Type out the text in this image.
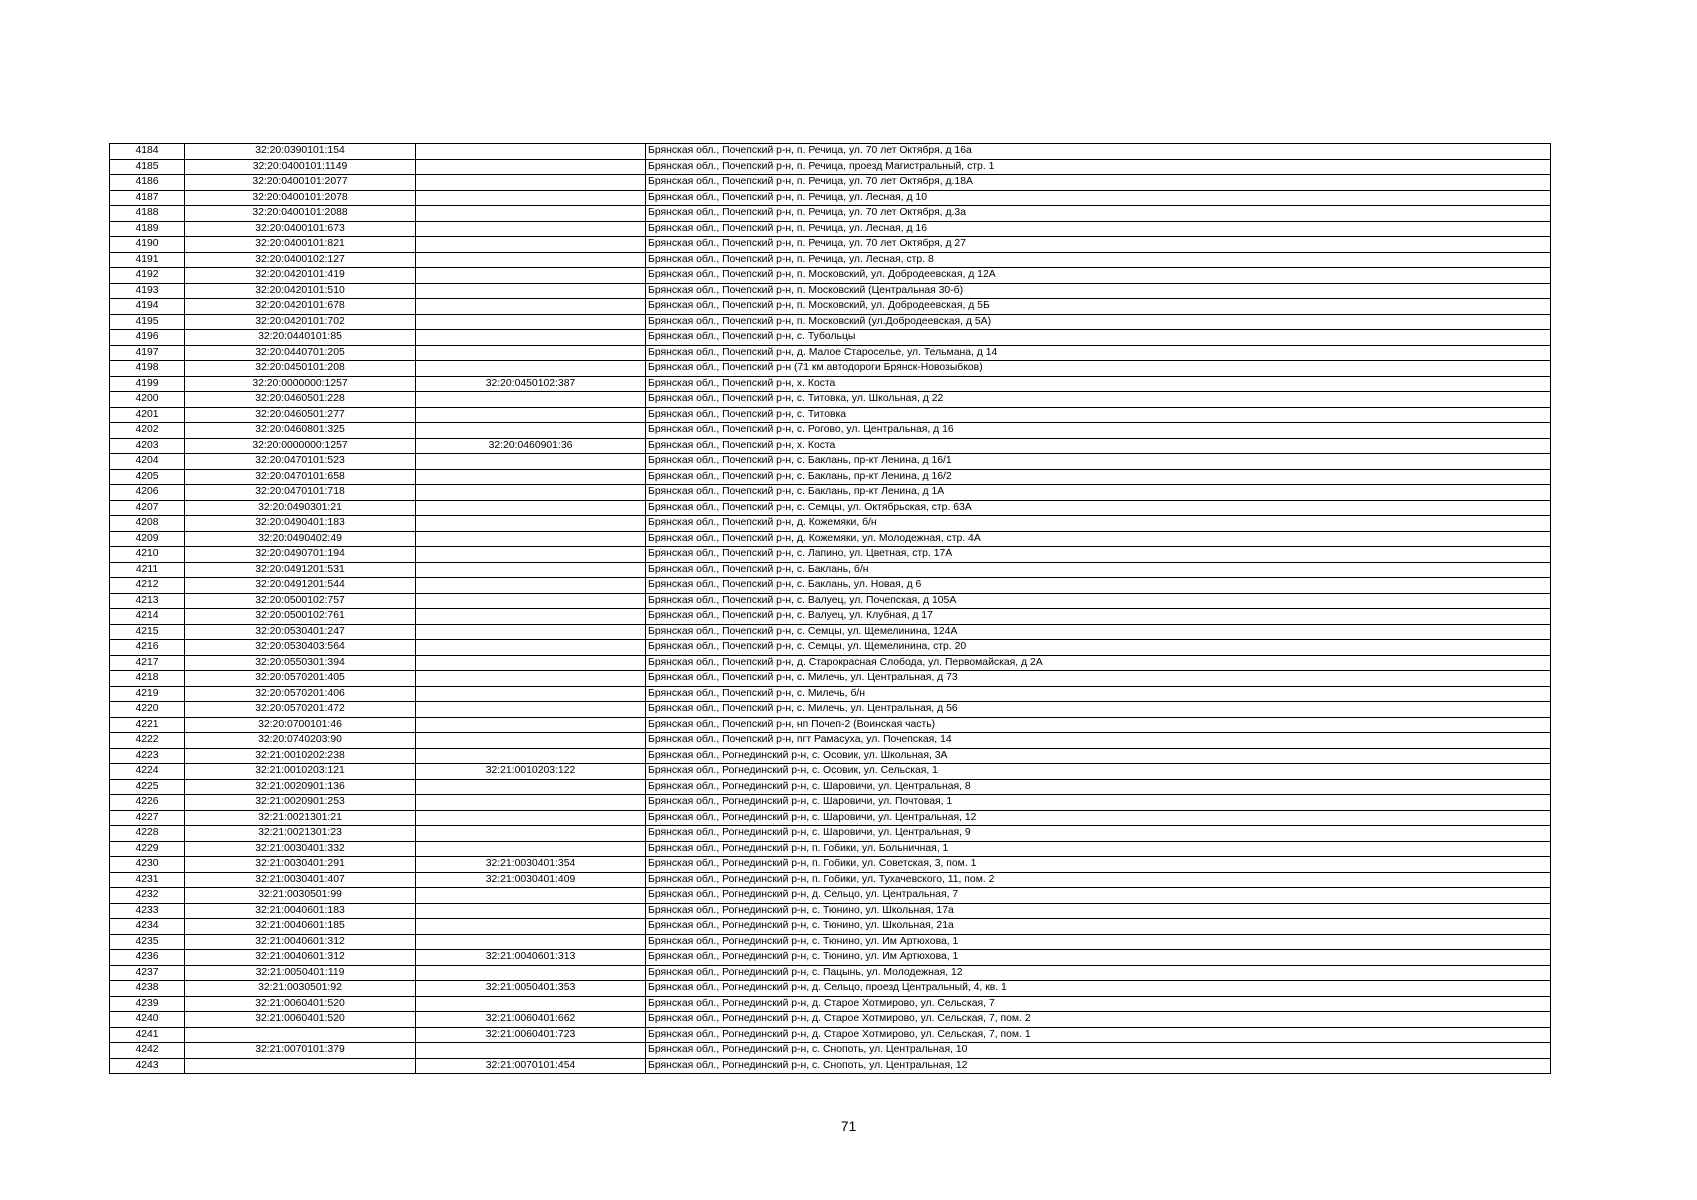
4184	32:20:0390101:154		Брянская обл., Почепский р-н, п. Речица, ул. 70 лет Октября, д 16а
4185	32:20:0400101:1149		Брянская обл., Почепский р-н, п. Речица, проезд Магистральный, стр. 1
4186	32:20:0400101:2077		Брянская обл., Почепский р-н, п. Речица, ул. 70 лет Октября, д.18А
4187	32:20:0400101:2078		Брянская обл., Почепский р-н, п. Речица, ул. Лесная, д 10
4188	32:20:0400101:2088		Брянская обл., Почепский р-н, п. Речица, ул. 70 лет Октября, д.3а
4189	32:20:0400101:673		Брянская обл., Почепский р-н, п. Речица, ул. Лесная, д 16
4190	32:20:0400101:821		Брянская обл., Почепский р-н, п. Речица, ул. 70 лет Октября, д 27
4191	32:20:0400102:127		Брянская обл., Почепский р-н, п. Речица, ул. Лесная, стр. 8
4192	32:20:0420101:419		Брянская обл., Почепский р-н, п. Московский, ул. Добродеевская, д 12А
4193	32:20:0420101:510		Брянская обл., Почепский р-н, п. Московский (Центральная 30-б)
4194	32:20:0420101:678		Брянская обл., Почепский р-н, п. Московский, ул. Добродеевская, д 5Б
4195	32:20:0420101:702		Брянская обл., Почепский р-н, п. Московский (ул.Добродеевская, д 5А)
4196	32:20:0440101:85		Брянская обл., Почепский р-н, с. Тубольцы
4197	32:20:0440701:205		Брянская обл., Почепский р-н, д. Малое Староселье, ул. Тельмана, д 14
4198	32:20:0450101:208		Брянская обл., Почепский р-н (71 км автодороги Брянск-Новозыбков)
4199	32:20:0000000:1257	32:20:0450102:387	Брянская обл., Почепский р-н, х. Коста
4200	32:20:0460501:228		Брянская обл., Почепский р-н, с. Титовка, ул. Школьная, д 22
4201	32:20:0460501:277		Брянская обл., Почепский р-н, с. Титовка
4202	32:20:0460801:325		Брянская обл., Почепский р-н, с. Рогово, ул. Центральная, д 16
4203	32:20:0000000:1257	32:20:0460901:36	Брянская обл., Почепский р-н, х. Коста
4204	32:20:0470101:523		Брянская обл., Почепский р-н, с. Баклань, пр-кт Ленина, д 16/1
4205	32:20:0470101:658		Брянская обл., Почепский р-н, с. Баклань, пр-кт Ленина, д 16/2
4206	32:20:0470101:718		Брянская обл., Почепский р-н, с. Баклань, пр-кт Ленина, д 1А
4207	32:20:0490301:21		Брянская обл., Почепский р-н, с. Семцы, ул. Октябрьская, стр. 63А
4208	32:20:0490401:183		Брянская обл., Почепский р-н, д. Кожемяки, б/н
4209	32:20:0490402:49		Брянская обл., Почепский р-н, д. Кожемяки, ул. Молодежная, стр. 4А
4210	32:20:0490701:194		Брянская обл., Почепский р-н, с. Лапино, ул. Цветная, стр. 17А
4211	32:20:0491201:531		Брянская обл., Почепский р-н, с. Баклань, б/н
4212	32:20:0491201:544		Брянская обл., Почепский р-н, с. Баклань, ул. Новая, д 6
4213	32:20:0500102:757		Брянская обл., Почепский р-н, с. Валуец, ул. Почепская, д 105А
4214	32:20:0500102:761		Брянская обл., Почепский р-н, с. Валуец, ул. Клубная, д 17
4215	32:20:0530401:247		Брянская обл., Почепский р-н, с. Семцы, ул. Щемелинина, 124А
4216	32:20:0530403:564		Брянская обл., Почепский р-н, с. Семцы, ул. Щемелинина, стр. 20
4217	32:20:0550301:394		Брянская обл., Почепский р-н, д. Старокрасная Слобода, ул. Первомайская, д 2А
4218	32:20:0570201:405		Брянская обл., Почепский р-н, с. Милечь, ул. Центральная, д 73
4219	32:20:0570201:406		Брянская обл., Почепский р-н, с. Милечь, б/н
4220	32:20:0570201:472		Брянская обл., Почепский р-н, с. Милечь, ул. Центральная, д 56
4221	32:20:0700101:46		Брянская обл., Почепский р-н, нп Почеп-2 (Воинская часть)
4222	32:20:0740203:90		Брянская обл., Почепский р-н, пгт Рамасуха, ул. Почепская, 14
4223	32:21:0010202:238		Брянская обл., Рогнединский р-н, с. Осовик, ул. Школьная, 3А
4224	32:21:0010203:121	32:21:0010203:122	Брянская обл., Рогнединский р-н, с. Осовик, ул. Сельская, 1
4225	32:21:0020901:136		Брянская обл., Рогнединский р-н, с. Шаровичи, ул. Центральная, 8
4226	32:21:0020901:253		Брянская обл., Рогнединский р-н, с. Шаровичи, ул. Почтовая, 1
4227	32:21:0021301:21		Брянская обл., Рогнединский р-н, с. Шаровичи, ул. Центральная, 12
4228	32:21:0021301:23		Брянская обл., Рогнединский р-н, с. Шаровичи, ул. Центральная, 9
4229	32:21:0030401:332		Брянская обл., Рогнединский р-н, п. Гобики, ул. Больничная, 1
4230	32:21:0030401:291	32:21:0030401:354	Брянская обл., Рогнединский р-н, п. Гобики, ул. Советская, 3, пом. 1
4231	32:21:0030401:407	32:21:0030401:409	Брянская обл., Рогнединский р-н, п. Гобики, ул. Тухачевского, 11, пом. 2
4232	32:21:0030501:99		Брянская обл., Рогнединский р-н, д. Сельцо, ул. Центральная, 7
4233	32:21:0040601:183		Брянская обл., Рогнединский р-н, с. Тюнино, ул. Школьная, 17а
4234	32:21:0040601:185		Брянская обл., Рогнединский р-н, с. Тюнино, ул. Школьная, 21а
4235	32:21:0040601:312		Брянская обл., Рогнединский р-н, с. Тюнино, ул. Им Артюхова, 1
4236	32:21:0040601:312	32:21:0040601:313	Брянская обл., Рогнединский р-н, с. Тюнино, ул. Им Артюхова, 1
4237	32:21:0050401:119		Брянская обл., Рогнединский р-н, с. Пацынь, ул. Молодежная, 12
4238	32:21:0030501:92	32:21:0050401:353	Брянская обл., Рогнединский р-н, д. Сельцо, проезд Центральный, 4, кв. 1
4239	32:21:0060401:520		Брянская обл., Рогнединский р-н, д. Старое Хотмирово, ул. Сельская, 7
4240	32:21:0060401:520	32:21:0060401:662	Брянская обл., Рогнединский р-н, д. Старое Хотмирово, ул. Сельская, 7, пом. 2
4241		32:21:0060401:723	Брянская обл., Рогнединский р-н, д. Старое Хотмирово, ул. Сельская, 7, пом. 1
4242	32:21:0070101:379		Брянская обл., Рогнединский р-н, с. Снопоть, ул. Центральная, 10
4243		32:21:0070101:454	Брянская обл., Рогнединский р-н, с. Снопоть, ул. Центральная, 12
71
